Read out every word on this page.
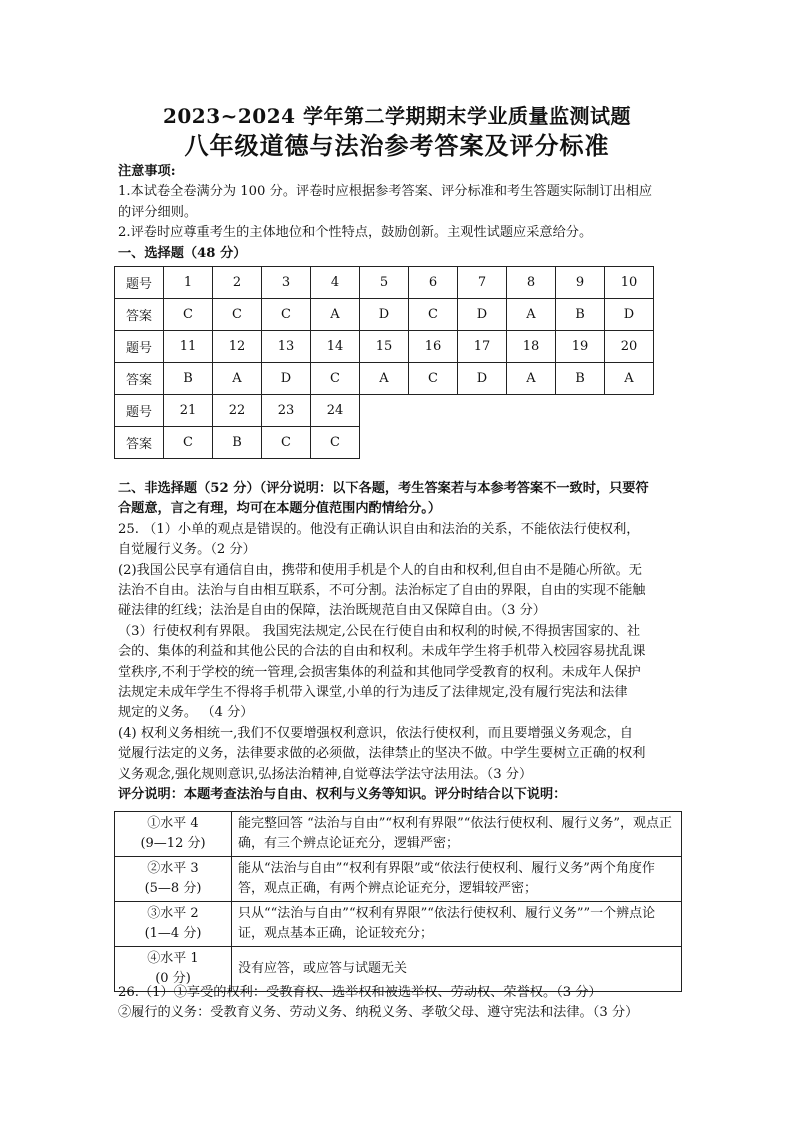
2023~2024 学年第二学期期末学业质量监测试题
八年级道德与法治参考答案及评分标准

注意事项:

1.本试卷全卷满分为 100 分。评卷时应根据参考答案、评分标准和考生答题实际制订出相应

的评分细则。

2.评卷时应尊重考生的主体地位和个性特点，鼓励创新。主观性试题应采意给分。

一、选择题（48 分）

题号	1	2	3	4	5	6	7	8	9	10
答案	C	C	C	A	D	C	D	A	B	D
题号	11	12	13	14	15	16	17	18	19	20
答案	B	A	D	C	A	C	D	A	B	A
题号	21	22	23	24						
答案	C	B	C	C						

二、非选择题（52 分）（评分说明：以下各题，考生答案若与本参考答案不一致时，只要符

合题意，言之有理，均可在本题分值范围内酌情给分。）

25. （1）小单的观点是错误的。他没有正确认识自由和法治的关系，不能依法行使权利，

自觉履行义务。（2 分）

(2)我国公民享有通信自由，携带和使用手机是个人的自由和权利,但自由不是随心所欲。无

法治不自由。法治与自由相互联系，不可分割。法治标定了自由的界限，自由的实现不能触

碰法律的红线；法治是自由的保障，法治既规范自由又保障自由。（3 分）

（3）行使权利有界限。 我国宪法规定,公民在行使自由和权利的时候,不得损害国家的、社

会的、集体的利益和其他公民的合法的自由和权利。未成年学生将手机带入校园容易扰乱课

堂秩序,不利于学校的统一管理,会损害集体的利益和其他同学受教育的权利。未成年人保护

法规定未成年学生不得将手机带入课堂,小单的行为违反了法律规定,没有履行宪法和法律

规定的义务。 （4 分）

(4) 权利义务相统一,我们不仅要增强权利意识，依法行使权利，而且要增强义务观念，自

觉履行法定的义务，法律要求做的必须做，法律禁止的坚决不做。中学生要树立正确的权利

义务观念,强化规则意识,弘扬法治精神,自觉尊法学法守法用法。（3 分）

评分说明：本题考查法治与自由、权利与义务等知识。评分时结合以下说明：

①水平 4
(9—12 分)	能完整回答 “法治与自由”“权利有界限”“依法行使权利、履行义务”，观点正确，有三个辨点论证充分，逻辑严密；

②水平 3
(5—8 分)	能从“法治与自由”“权利有界限”或“依法行使权利、履行义务”两个角度作答，观点正确，有两个辨点论证充分，逻辑较严密；

③水平 2
(1—4 分)	只从““法治与自由”“权利有界限”“依法行使权利、履行义务””一个辨点论证，观点基本正确，论证较充分；

④水平 1
(0 分)	没有应答，或应答与试题无关

26.（1）①享受的权利：受教育权、选举权和被选举权、劳动权、荣誉权。（3 分）

②履行的义务：受教育义务、劳动义务、纳税义务、孝敬父母、遵守宪法和法律。（3 分）
